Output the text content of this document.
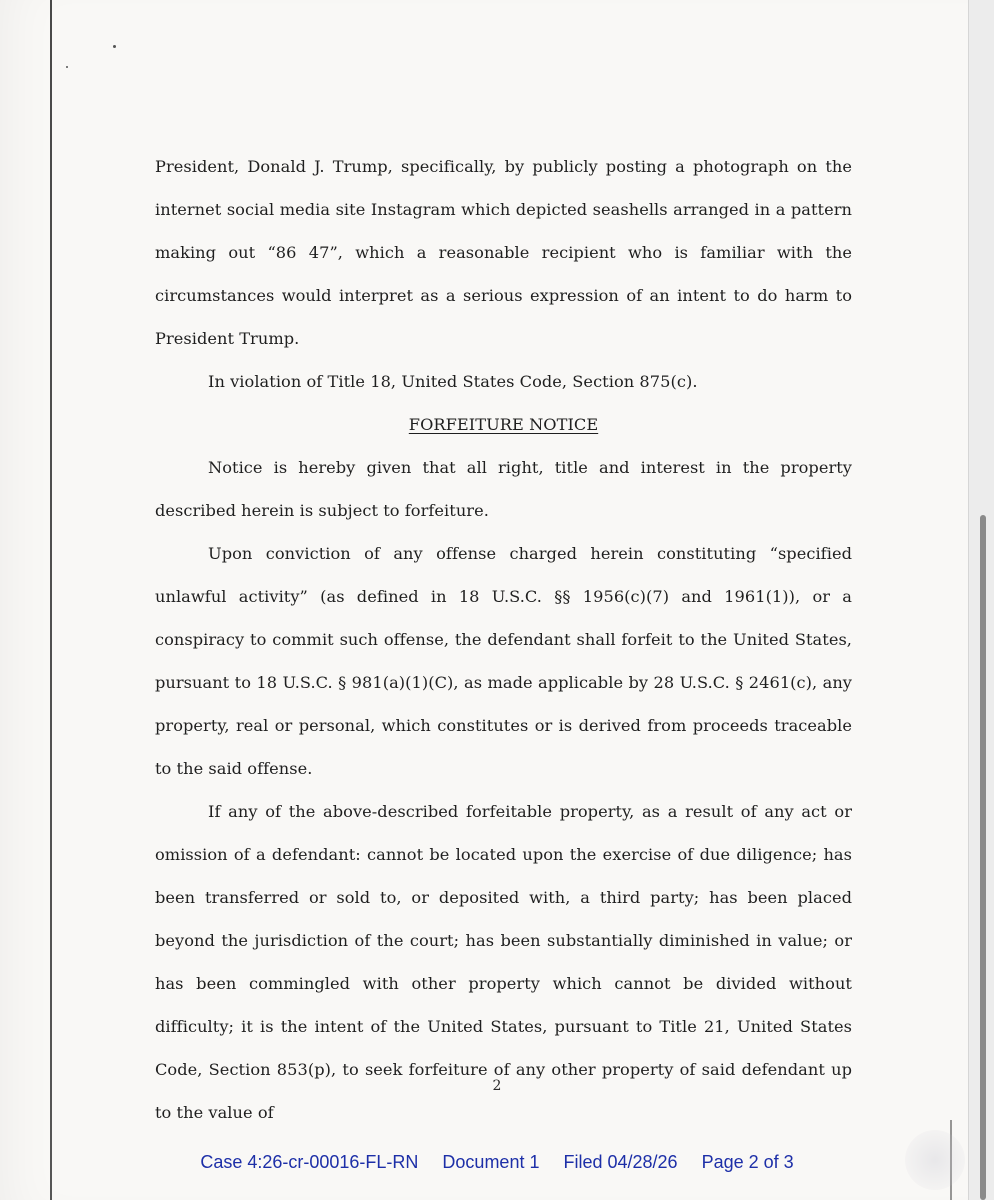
President, Donald J. Trump, specifically, by publicly posting a photograph on the internet social media site Instagram which depicted seashells arranged in a pattern making out “86 47”, which a reasonable recipient who is familiar with the circumstances would interpret as a serious expression of an intent to do harm to President Trump.

In violation of Title 18, United States Code, Section 875(c).

FORFEITURE NOTICE

Notice is hereby given that all right, title and interest in the property described herein is subject to forfeiture.

Upon conviction of any offense charged herein constituting “specified unlawful activity” (as defined in 18 U.S.C. §§ 1956(c)(7) and 1961(1)), or a conspiracy to commit such offense, the defendant shall forfeit to the United States, pursuant to 18 U.S.C. § 981(a)(1)(C), as made applicable by 28 U.S.C. § 2461(c), any property, real or personal, which constitutes or is derived from proceeds traceable to the said offense.

If any of the above-described forfeitable property, as a result of any act or omission of a defendant: cannot be located upon the exercise of due diligence; has been transferred or sold to, or deposited with, a third party; has been placed beyond the jurisdiction of the court; has been substantially diminished in value; or has been commingled with other property which cannot be divided without difficulty; it is the intent of the United States, pursuant to Title 21, United States Code, Section 853(p), to seek forfeiture of any other property of said defendant up to the value of

2
Case 4:26-cr-00016-FL-RN Document 1 Filed 04/28/26 Page 2 of 3
